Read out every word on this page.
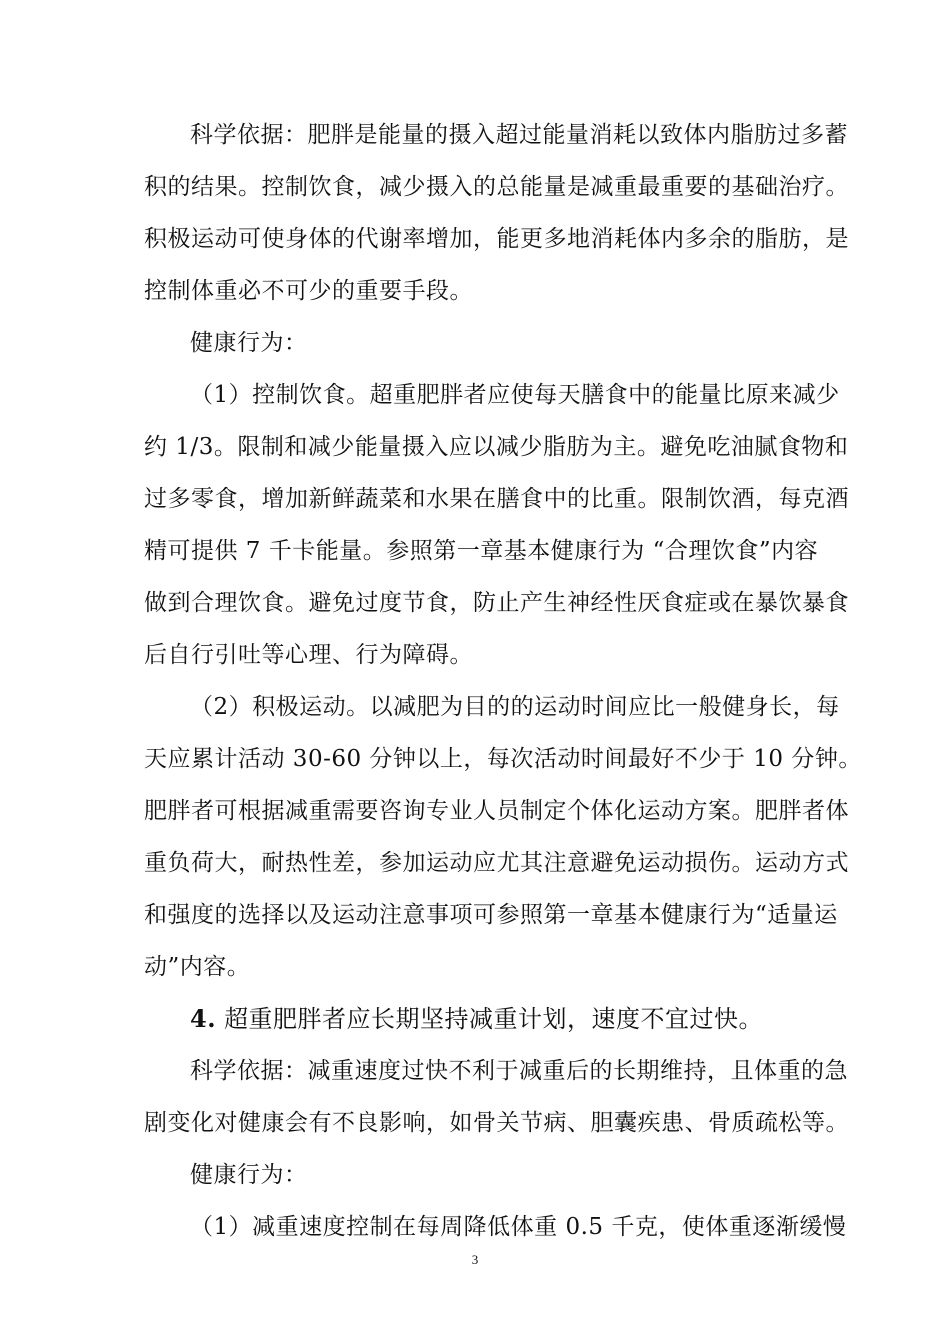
科学依据：肥胖是能量的摄入超过能量消耗以致体内脂肪过多蓄
积的结果。控制饮食，减少摄入的总能量是减重最重要的基础治疗。
积极运动可使身体的代谢率增加，能更多地消耗体内多余的脂肪，是
控制体重必不可少的重要手段。
健康行为：
（1）控制饮食。超重肥胖者应使每天膳食中的能量比原来减少
约 1/3。限制和减少能量摄入应以减少脂肪为主。避免吃油腻食物和
过多零食，增加新鲜蔬菜和水果在膳食中的比重。限制饮酒，每克酒
精可提供 7 千卡能量。参照第一章基本健康行为 “合理饮食”内容
做到合理饮食。避免过度节食，防止产生神经性厌食症或在暴饮暴食
后自行引吐等心理、行为障碍。
（2）积极运动。以减肥为目的的运动时间应比一般健身长，每
天应累计活动 30-60 分钟以上，每次活动时间最好不少于 10 分钟。
肥胖者可根据减重需要咨询专业人员制定个体化运动方案。肥胖者体
重负荷大，耐热性差，参加运动应尤其注意避免运动损伤。运动方式
和强度的选择以及运动注意事项可参照第一章基本健康行为“适量运
动”内容。
4. 超重肥胖者应长期坚持减重计划，速度不宜过快。
科学依据：减重速度过快不利于减重后的长期维持，且体重的急
剧变化对健康会有不良影响，如骨关节病、胆囊疾患、骨质疏松等。
健康行为：
（1）减重速度控制在每周降低体重 0.5 千克，使体重逐渐缓慢
3
